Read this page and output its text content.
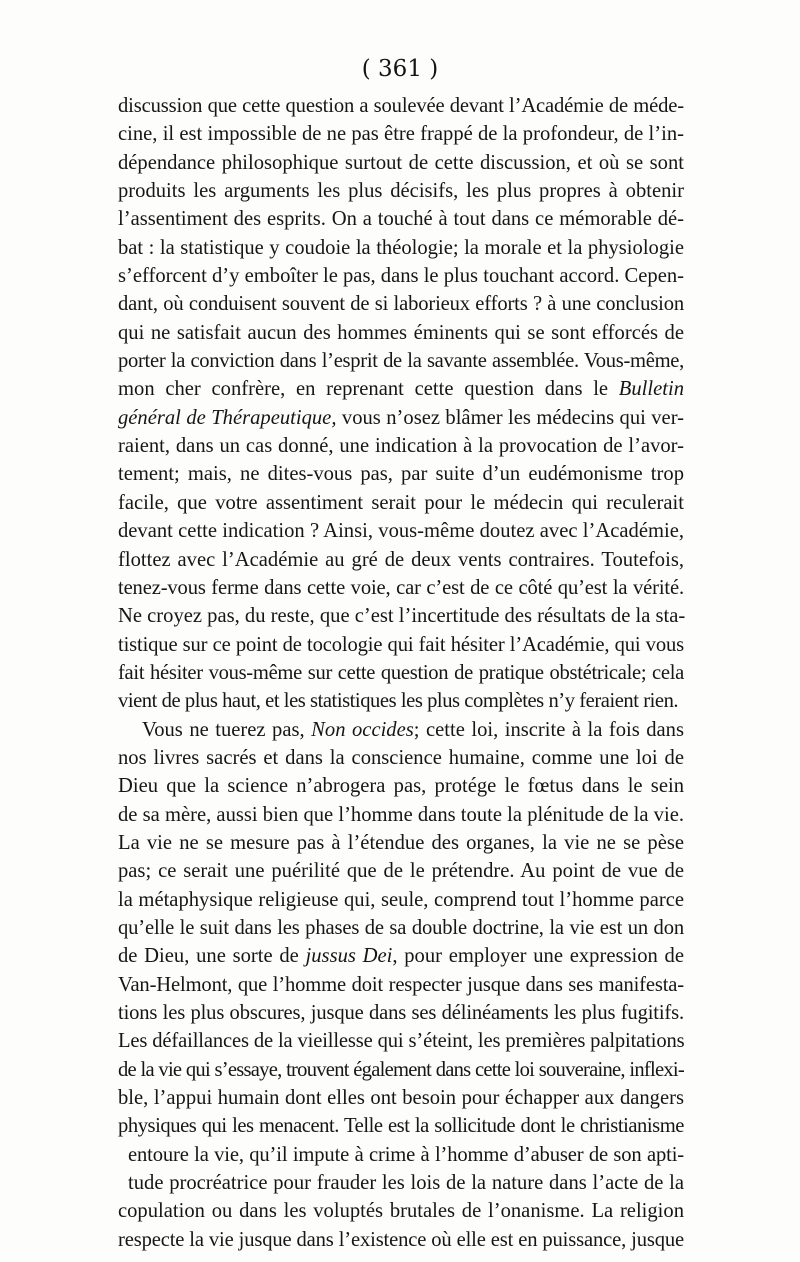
( 361 )
discussion que cette question a soulevée devant l’Académie de méde-
cine, il est impossible de ne pas être frappé de la profondeur, de l’in-
dépendance philosophique surtout de cette discussion, et où se sont
produits les arguments les plus décisifs, les plus propres à obtenir
l’assentiment des esprits. On a touché à tout dans ce mémorable dé-
bat : la statistique y coudoie la théologie; la morale et la physiologie
s’efforcent d’y emboîter le pas, dans le plus touchant accord. Cepen-
dant, où conduisent souvent de si laborieux efforts ? à une conclusion
qui ne satisfait aucun des hommes éminents qui se sont efforcés de
porter la conviction dans l’esprit de la savante assemblée. Vous-même,
mon cher confrère, en reprenant cette question dans le Bulletin
général de Thérapeutique, vous n’osez blâmer les médecins qui ver-
raient, dans un cas donné, une indication à la provocation de l’avor-
tement; mais, ne dites-vous pas, par suite d’un eudémonisme trop
facile, que votre assentiment serait pour le médecin qui reculerait
devant cette indication ? Ainsi, vous-même doutez avec l’Académie,
flottez avec l’Académie au gré de deux vents contraires. Toutefois,
tenez-vous ferme dans cette voie, car c’est de ce côté qu’est la vérité.
Ne croyez pas, du reste, que c’est l’incertitude des résultats de la sta-
tistique sur ce point de tocologie qui fait hésiter l’Académie, qui vous
fait hésiter vous-même sur cette question de pratique obstétricale; cela
vient de plus haut, et les statistiques les plus complètes n’y feraient rien.
Vous ne tuerez pas, Non occides; cette loi, inscrite à la fois dans
nos livres sacrés et dans la conscience humaine, comme une loi de
Dieu que la science n’abrogera pas, protége le fœtus dans le sein
de sa mère, aussi bien que l’homme dans toute la plénitude de la vie.
La vie ne se mesure pas à l’étendue des organes, la vie ne se pèse
pas; ce serait une puérilité que de le prétendre. Au point de vue de
la métaphysique religieuse qui, seule, comprend tout l’homme parce
qu’elle le suit dans les phases de sa double doctrine, la vie est un don
de Dieu, une sorte de jussus Dei, pour employer une expression de
Van-Helmont, que l’homme doit respecter jusque dans ses manifesta-
tions les plus obscures, jusque dans ses délinéaments les plus fugitifs.
Les défaillances de la vieillesse qui s’éteint, les premières palpitations
de la vie qui s’essaye, trouvent également dans cette loi souveraine, inflexi-
ble, l’appui humain dont elles ont besoin pour échapper aux dangers
physiques qui les menacent. Telle est la sollicitude dont le christianisme
entoure la vie, qu’il impute à crime à l’homme d’abuser de son apti-
tude procréatrice pour frauder les lois de la nature dans l’acte de la
copulation ou dans les voluptés brutales de l’onanisme. La religion
respecte la vie jusque dans l’existence où elle est en puissance, jusque
